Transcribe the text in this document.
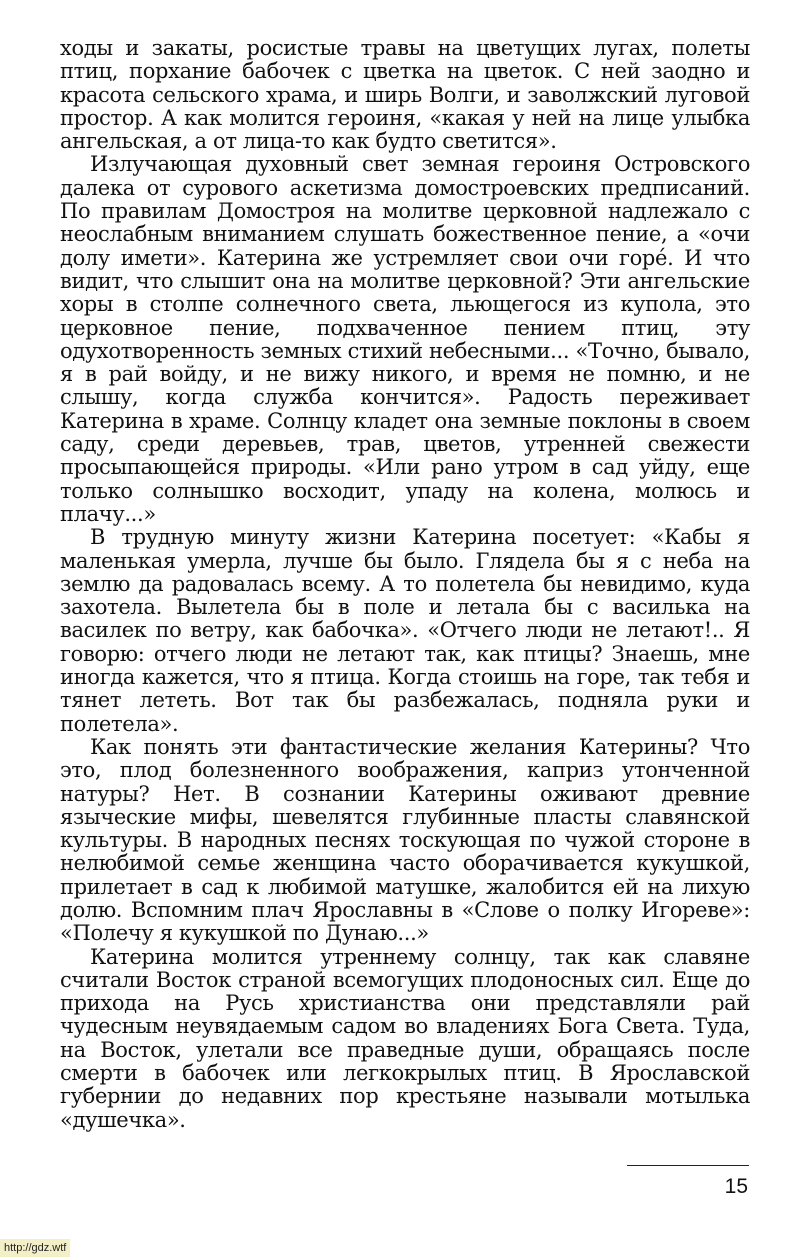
ходы и закаты, росистые травы на цветущих лугах, полеты птиц, порхание бабочек с цветка на цветок. С ней заодно и красота сельского храма, и ширь Волги, и заволжский луговой простор. А как молится героиня, «какая у ней на лице улыбка ангельская, а от лица-то как будто светится».

Излучающая духовный свет земная героиня Островского далека от сурового аскетизма домостроевских предписаний. По правилам Домостроя на молитве церковной надлежало с неослабным вниманием слушать божественное пение, а «очи долу имети». Катерина же устремляет свои очи горé. И что видит, что слышит она на молитве церковной? Эти ангельские хоры в столпе солнечного света, льющегося из купола, это церковное пение, подхваченное пением птиц, эту одухотворенность земных стихий небесными... «Точно, бывало, я в рай войду, и не вижу никого, и время не помню, и не слышу, когда служба кончится». Радость переживает Катерина в храме. Солнцу кладет она земные поклоны в своем саду, среди деревьев, трав, цветов, утренней свежести просыпающейся природы. «Или рано утром в сад уйду, еще только солнышко восходит, упаду на колена, молюсь и плачу...»

В трудную минуту жизни Катерина посетует: «Кабы я маленькая умерла, лучше бы было. Глядела бы я с неба на землю да радовалась всему. А то полетела бы невидимо, куда захотела. Вылетела бы в поле и летала бы с василька на василек по ветру, как бабочка». «Отчего люди не летают!.. Я говорю: отчего люди не летают так, как птицы? Знаешь, мне иногда кажется, что я птица. Когда стоишь на горе, так тебя и тянет лететь. Вот так бы разбежалась, подняла руки и полетела».

Как понять эти фантастические желания Катерины? Что это, плод болезненного воображения, каприз утонченной натуры? Нет. В сознании Катерины оживают древние языческие мифы, шевелятся глубинные пласты славянской культуры. В народных песнях тоскующая по чужой стороне в нелюбимой семье женщина часто оборачивается кукушкой, прилетает в сад к любимой матушке, жалобится ей на лихую долю. Вспомним плач Ярославны в «Слове о полку Игореве»: «Полечу я кукушкой по Дунаю...»

Катерина молится утреннему солнцу, так как славяне считали Восток страной всемогущих плодоносных сил. Еще до прихода на Русь христианства они представляли рай чудесным неувядаемым садом во владениях Бога Света. Туда, на Восток, улетали все праведные души, обращаясь после смерти в бабочек или легкокрылых птиц. В Ярославской губернии до недавних пор крестьяне называли мотылька «душечка».

15
http://gdz.wtf
